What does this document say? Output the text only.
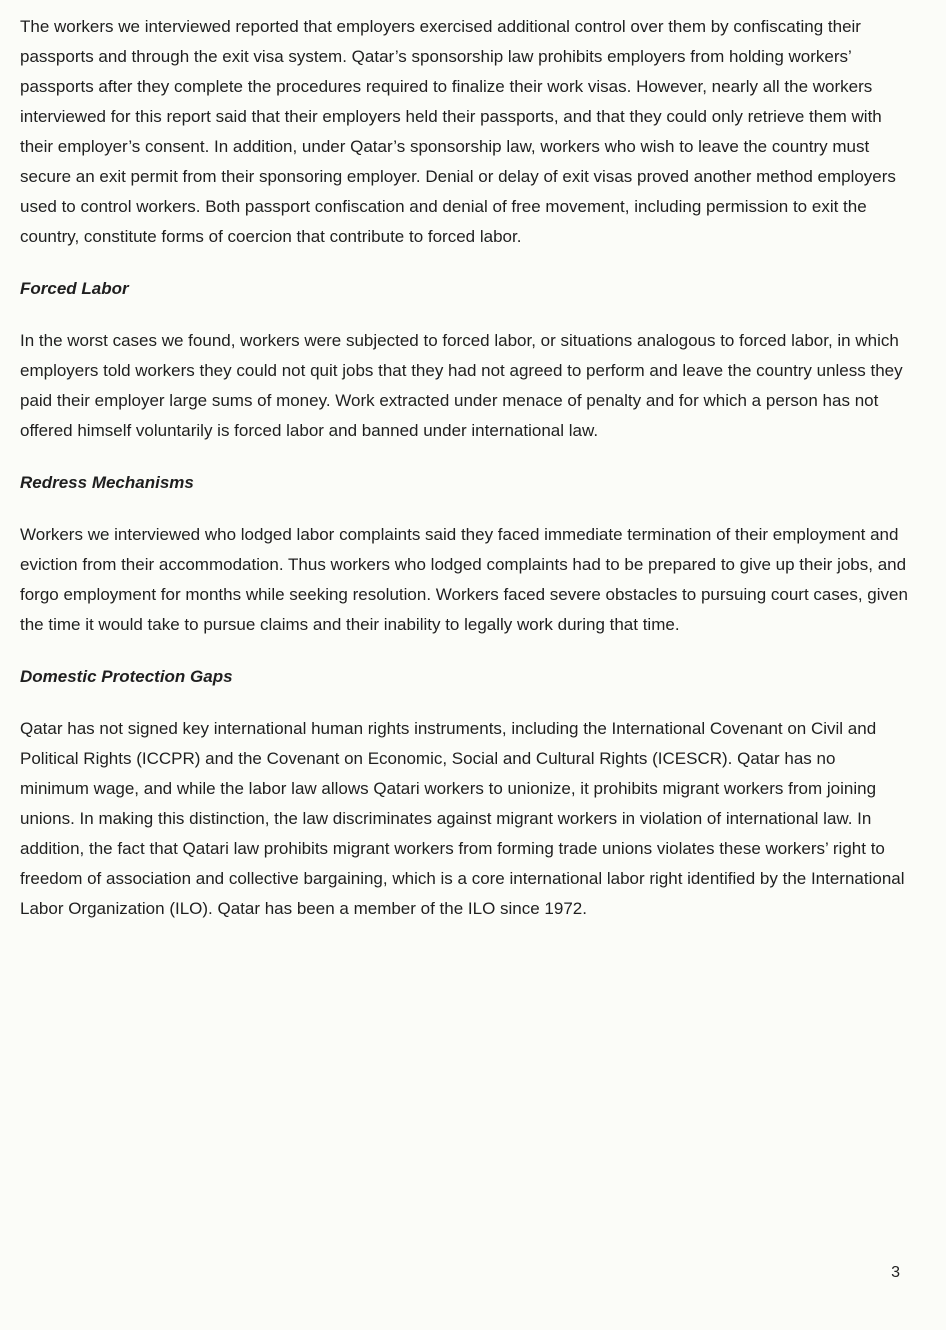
The workers we interviewed reported that employers exercised additional control over them by confiscating their passports and through the exit visa system. Qatar’s sponsorship law prohibits employers from holding workers’ passports after they complete the procedures required to finalize their work visas. However, nearly all the workers interviewed for this report said that their employers held their passports, and that they could only retrieve them with their employer’s consent. In addition, under Qatar’s sponsorship law, workers who wish to leave the country must secure an exit permit from their sponsoring employer. Denial or delay of exit visas proved another method employers used to control workers. Both passport confiscation and denial of free movement, including permission to exit the country, constitute forms of coercion that contribute to forced labor.

Forced Labor

In the worst cases we found, workers were subjected to forced labor, or situations analogous to forced labor, in which employers told workers they could not quit jobs that they had not agreed to perform and leave the country unless they paid their employer large sums of money. Work extracted under menace of penalty and for which a person has not offered himself voluntarily is forced labor and banned under international law.

Redress Mechanisms

Workers we interviewed who lodged labor complaints said they faced immediate termination of their employment and eviction from their accommodation. Thus workers who lodged complaints had to be prepared to give up their jobs, and forgo employment for months while seeking resolution. Workers faced severe obstacles to pursuing court cases, given the time it would take to pursue claims and their inability to legally work during that time.

Domestic Protection Gaps

Qatar has not signed key international human rights instruments, including the International Covenant on Civil and Political Rights (ICCPR) and the Covenant on Economic, Social and Cultural Rights (ICESCR). Qatar has no minimum wage, and while the labor law allows Qatari workers to unionize, it prohibits migrant workers from joining unions. In making this distinction, the law discriminates against migrant workers in violation of international law. In addition, the fact that Qatari law prohibits migrant workers from forming trade unions violates these workers’ right to freedom of association and collective bargaining, which is a core international labor right identified by the International Labor Organization (ILO). Qatar has been a member of the ILO since 1972.

3
